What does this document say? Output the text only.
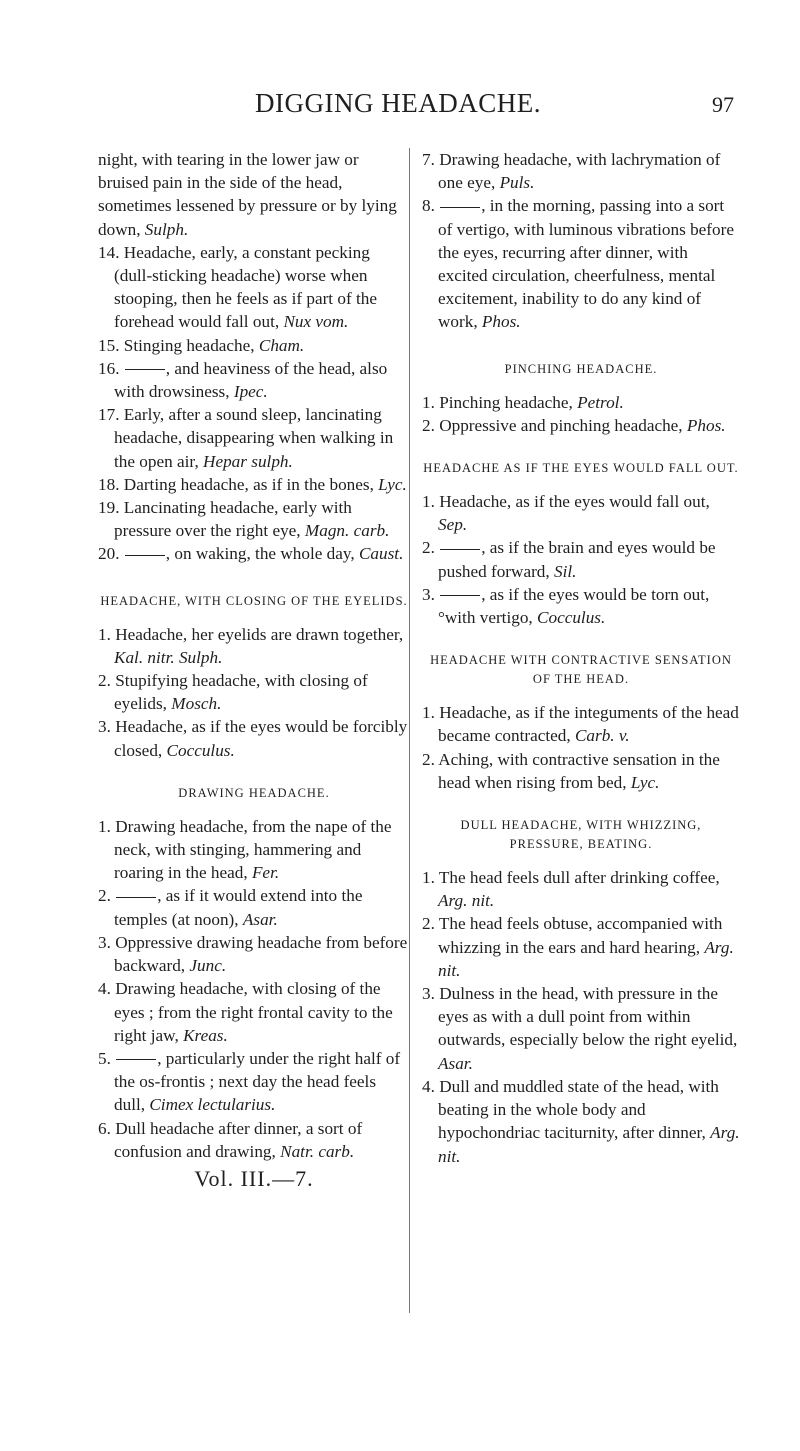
DIGGING HEADACHE.	97

night, with tearing in the lower jaw or bruised pain in the side of the head, sometimes lessened by pressure or by lying down, Sulph.

14. Headache, early, a constant pecking (dull-sticking headache) worse when stooping, then he feels as if part of the forehead would fall out, Nux vom.

15. Stinging headache, Cham.

16.	, and heaviness of the head, also with drowsiness, Ipec.

17. Early, after a sound sleep, lancinating headache, disappearing when walking in the open air, Hepar sulph.

18. Darting headache, as if in the bones, Lyc.

19. Lancinating headache, early with pressure over the right eye, Magn. carb.

20.	, on waking, the whole day, Caust.

HEADACHE, WITH CLOSING OF THE EYELIDS.

1. Headache, her eyelids are drawn together, Kal. nitr. Sulph.

2. Stupifying headache, with closing of eyelids, Mosch.

3. Headache, as if the eyes would be forcibly closed, Cocculus.

DRAWING HEADACHE.

1. Drawing headache, from the nape of the neck, with stinging, hammering and roaring in the head, Fer.

2.	, as if it would extend into the temples (at noon), Asar.

3. Oppressive drawing headache from before backward, Junc.

4. Drawing headache, with closing of the eyes ; from the right frontal cavity to the right jaw, Kreas.

5.	, particularly under the right half of the os-frontis ; next day the head feels dull, Cimex lectularius.

6. Dull headache after dinner, a sort of confusion and drawing, Natr. carb.

Vol. III.—7.

7. Drawing headache, with lachrymation of one eye, Puls.

8.	, in the morning, passing into a sort of vertigo, with luminous vibrations before the eyes, recurring after dinner, with excited circulation, cheerfulness, mental excitement, inability to do any kind of work, Phos.

PINCHING HEADACHE.

1. Pinching headache, Petrol.

2. Oppressive and pinching headache, Phos.

HEADACHE AS IF THE EYES WOULD FALL OUT.

1. Headache, as if the eyes would fall out, Sep.

2.	, as if the brain and eyes would be pushed forward, Sil.

3.	, as if the eyes would be torn out, °with vertigo, Cocculus.

HEADACHE WITH CONTRACTIVE SENSATION OF THE HEAD.

1. Headache, as if the integuments of the head became contracted, Carb. v.

2. Aching, with contractive sensation in the head when rising from bed, Lyc.

DULL HEADACHE, WITH WHIZZING, PRESSURE, BEATING.

1. The head feels dull after drinking coffee, Arg. nit.

2. The head feels obtuse, accompanied with whizzing in the ears and hard hearing, Arg. nit.

3. Dulness in the head, with pressure in the eyes as with a dull point from within outwards, especially below the right eyelid, Asar.

4. Dull and muddled state of the head, with beating in the whole body and hypochondriac taciturnity, after dinner, Arg. nit.
